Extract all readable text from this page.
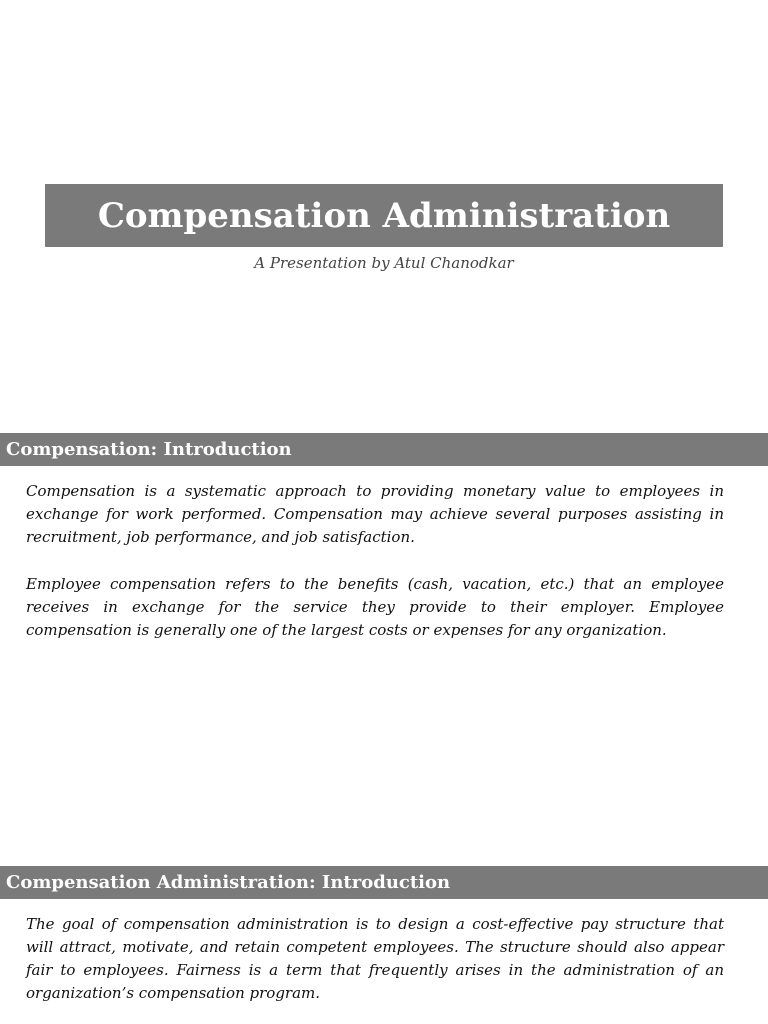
Compensation Administration
A Presentation by Atul Chanodkar
Compensation: Introduction

Compensation is a systematic approach to providing monetary value to employees in exchange for work performed. Compensation may achieve several purposes assisting in recruitment, job performance, and job satisfaction.

Employee compensation refers to the benefits (cash, vacation, etc.) that an employee receives in exchange for the service they provide to their employer. Employee compensation is generally one of the largest costs or expenses for any organization.

Compensation Administration: Introduction

The goal of compensation administration is to design a cost-effective pay structure that will attract, motivate, and retain competent employees. The structure should also appear fair to employees. Fairness is a term that frequently arises in the administration of an organization’s compensation program.
